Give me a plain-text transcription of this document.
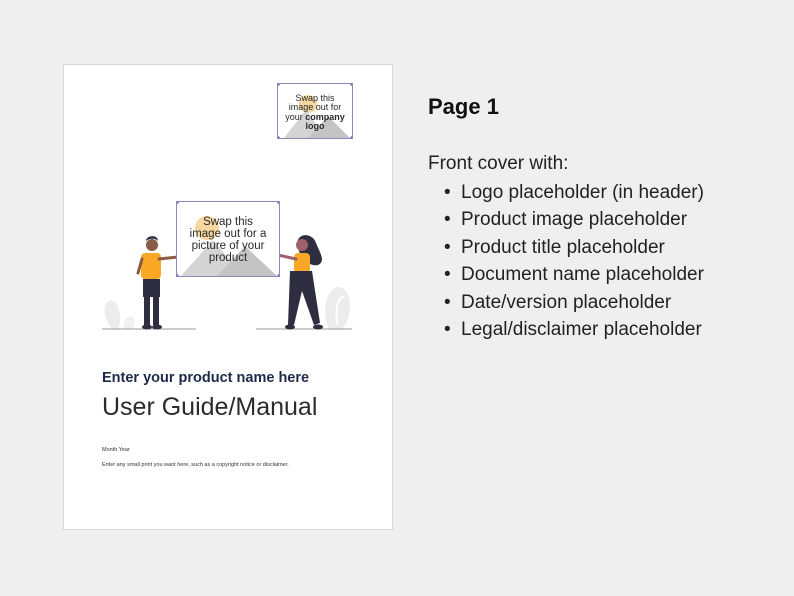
Swap this
image out for
your company
logo
Swap this
image out for a
picture of your
product
Enter your product name here
User Guide/Manual
Month Year
Enter any small print you want here, such as a copyright notice or disclaimer.
Page 1
Front cover with:
• Logo placeholder (in header)
• Product image placeholder
• Product title placeholder
• Document name placeholder
• Date/version placeholder
• Legal/disclaimer placeholder
